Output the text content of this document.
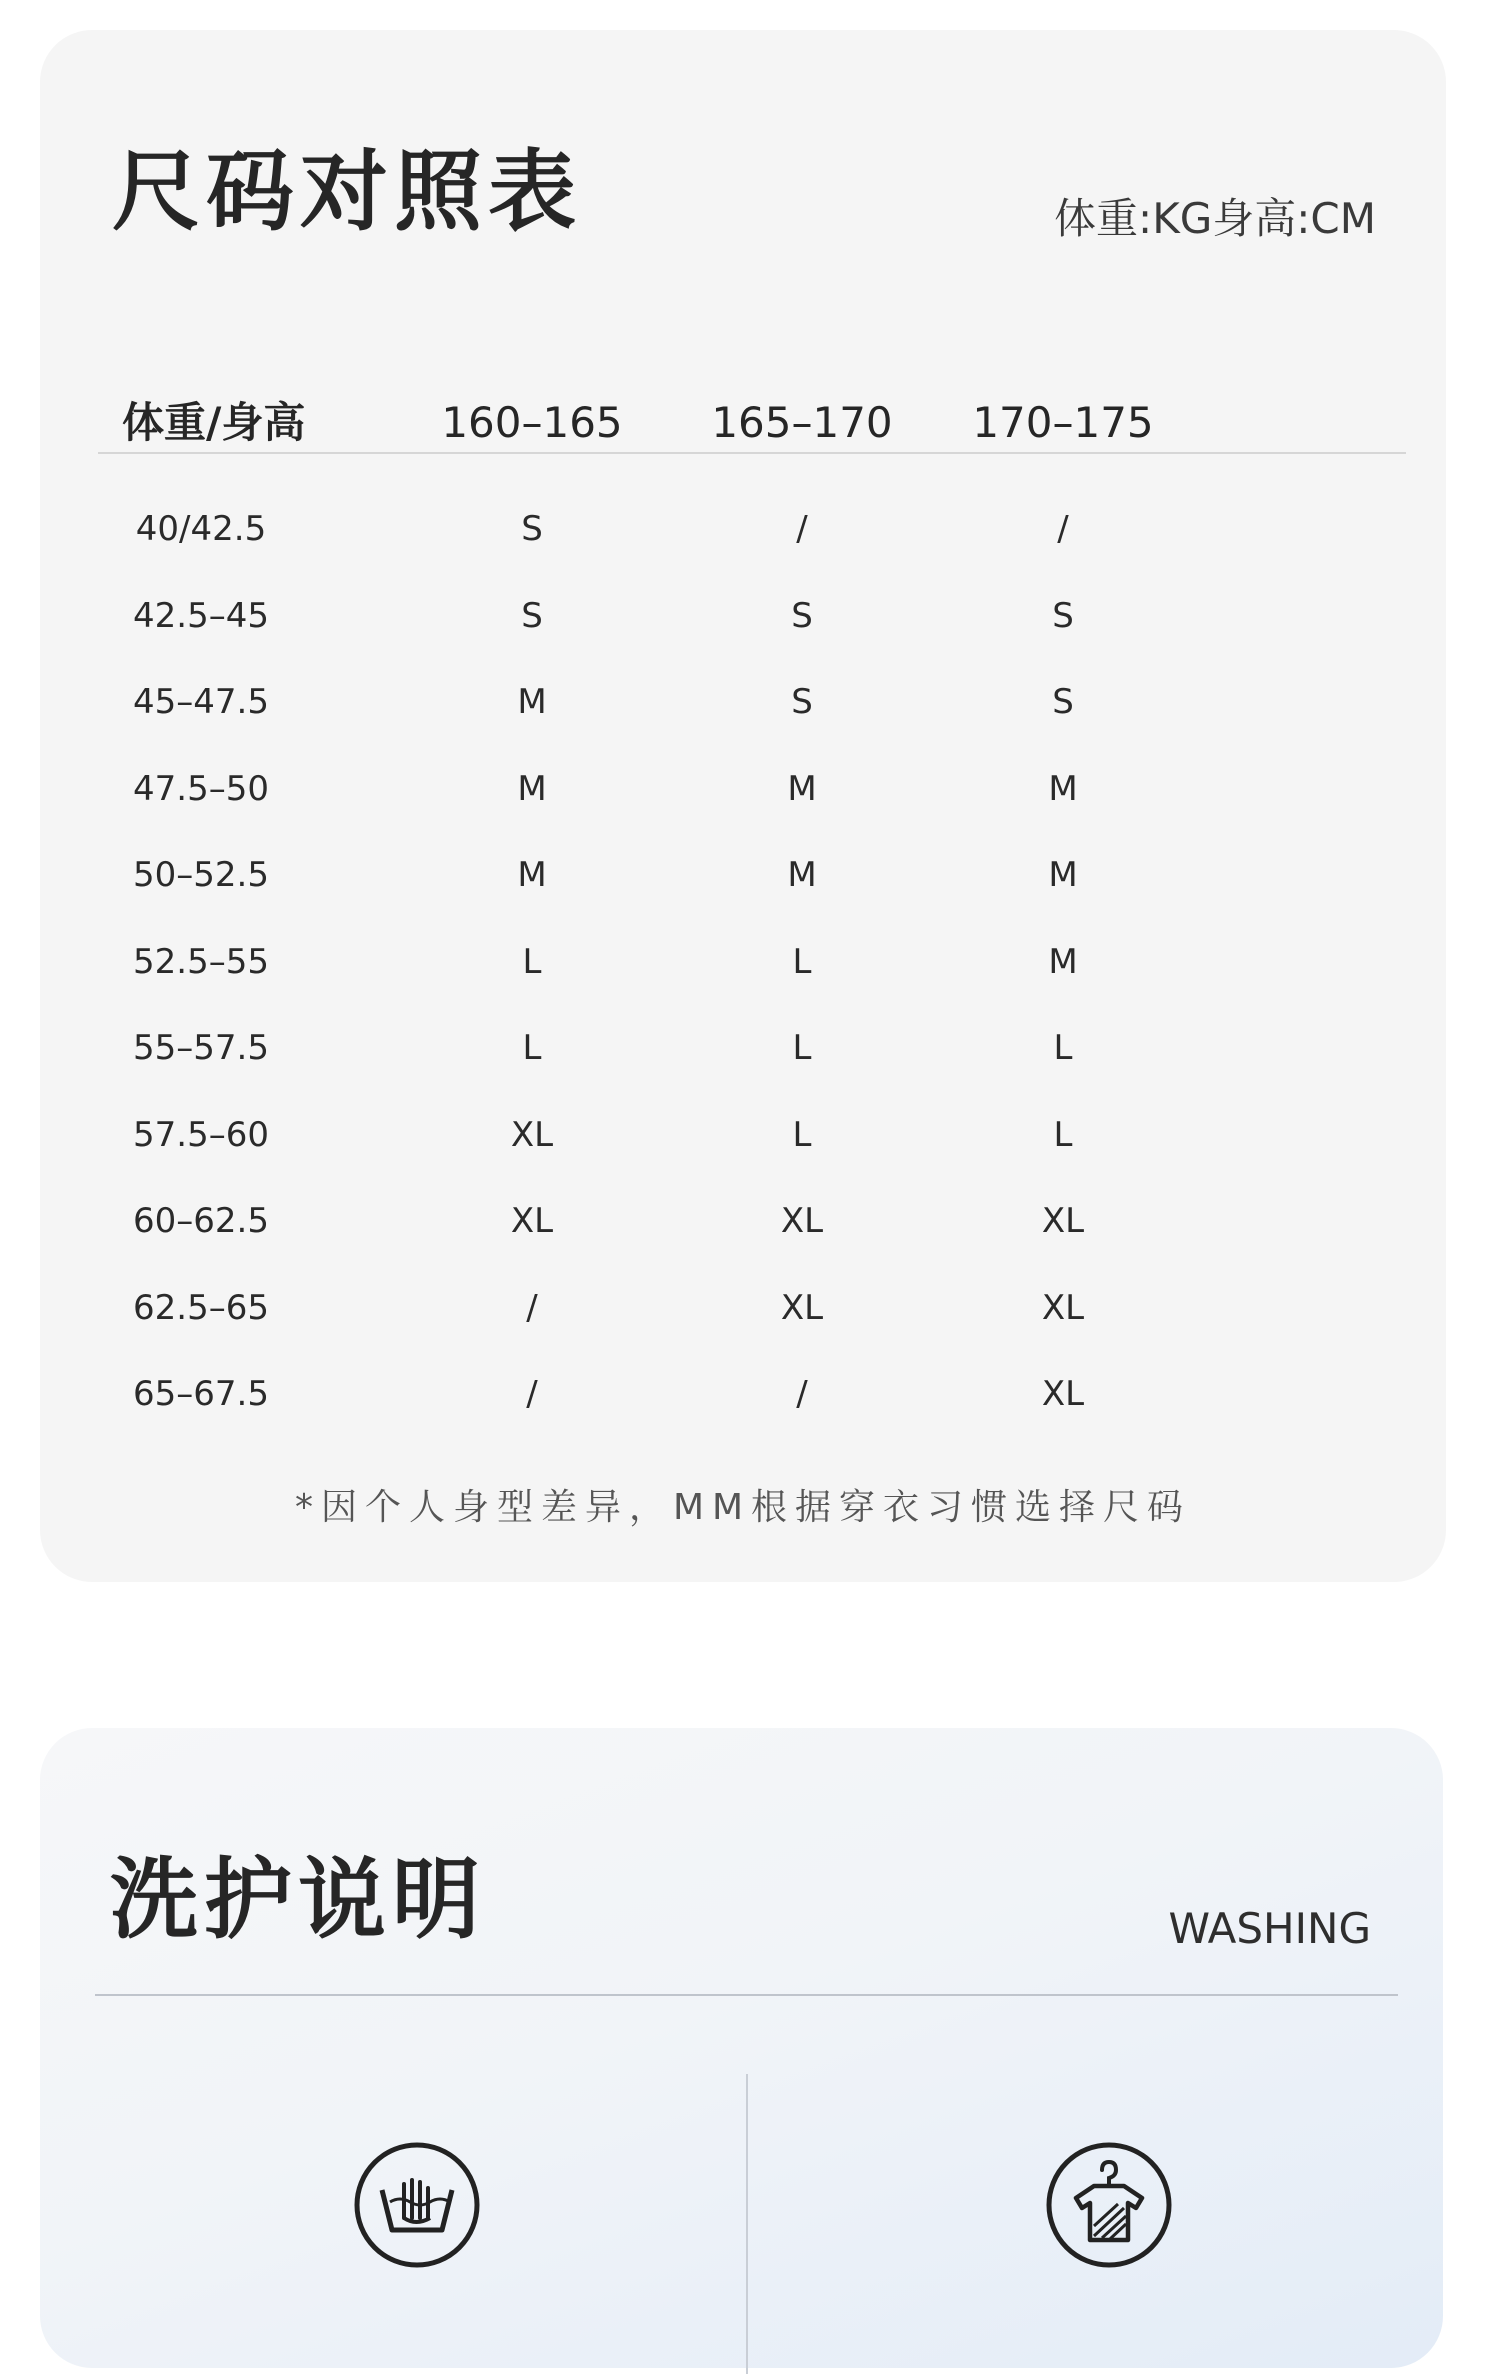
尺码对照表	体重:KG身高:CM
体重/身高	160–165	165–170	170–175
40/42.5	S	/	/
42.5–45	S	S	S
45–47.5	M	S	S
47.5–50	M	M	M
50–52.5	M	M	M
52.5–55	L	L	M
55–57.5	L	L	L
57.5–60	XL	L	L
60–62.5	XL	XL	XL
62.5–65	/	XL	XL
65–67.5	/	/	XL
*因个人身型差异，MM根据穿衣习惯选择尺码
洗护说明	WASHING
